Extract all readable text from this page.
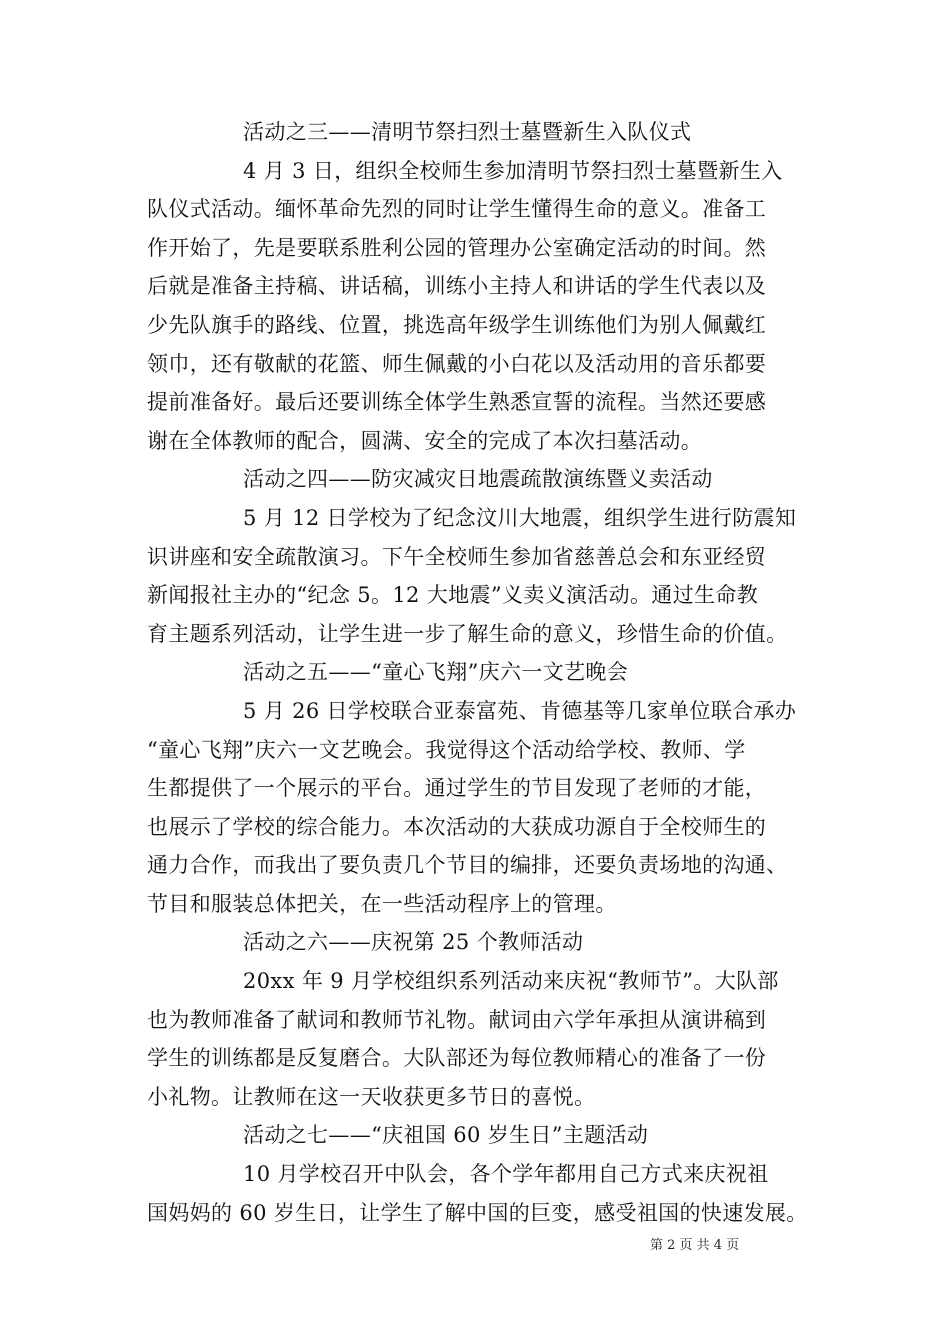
活动之三——清明节祭扫烈士墓暨新生入队仪式
4 月 3 日，组织全校师生参加清明节祭扫烈士墓暨新生入
队仪式活动。缅怀革命先烈的同时让学生懂得生命的意义。准备工
作开始了，先是要联系胜利公园的管理办公室确定活动的时间。然
后就是准备主持稿、讲话稿，训练小主持人和讲话的学生代表以及
少先队旗手的路线、位置，挑选高年级学生训练他们为别人佩戴红
领巾，还有敬献的花篮、师生佩戴的小白花以及活动用的音乐都要
提前准备好。最后还要训练全体学生熟悉宣誓的流程。当然还要感
谢在全体教师的配合，圆满、安全的完成了本次扫墓活动。
活动之四——防灾减灾日地震疏散演练暨义卖活动
5 月 12 日学校为了纪念汶川大地震，组织学生进行防震知
识讲座和安全疏散演习。下午全校师生参加省慈善总会和东亚经贸
新闻报社主办的“纪念 5。12 大地震”义卖义演活动。通过生命教
育主题系列活动，让学生进一步了解生命的意义，珍惜生命的价值。
活动之五——“童心飞翔”庆六一文艺晚会
5 月 26 日学校联合亚泰富苑、肯德基等几家单位联合承办
“童心飞翔”庆六一文艺晚会。我觉得这个活动给学校、教师、学
生都提供了一个展示的平台。通过学生的节目发现了老师的才能，
也展示了学校的综合能力。本次活动的大获成功源自于全校师生的
通力合作，而我出了要负责几个节目的编排，还要负责场地的沟通、
节目和服装总体把关，在一些活动程序上的管理。
活动之六——庆祝第 25 个教师活动
20xx 年 9 月学校组织系列活动来庆祝“教师节”。大队部
也为教师准备了献词和教师节礼物。献词由六学年承担从演讲稿到
学生的训练都是反复磨合。大队部还为每位教师精心的准备了一份
小礼物。让教师在这一天收获更多节日的喜悦。
活动之七——“庆祖国 60 岁生日”主题活动
10 月学校召开中队会，各个学年都用自己方式来庆祝祖
国妈妈的 60 岁生日，让学生了解中国的巨变，感受祖国的快速发展。
第 2 页 共 4 页
